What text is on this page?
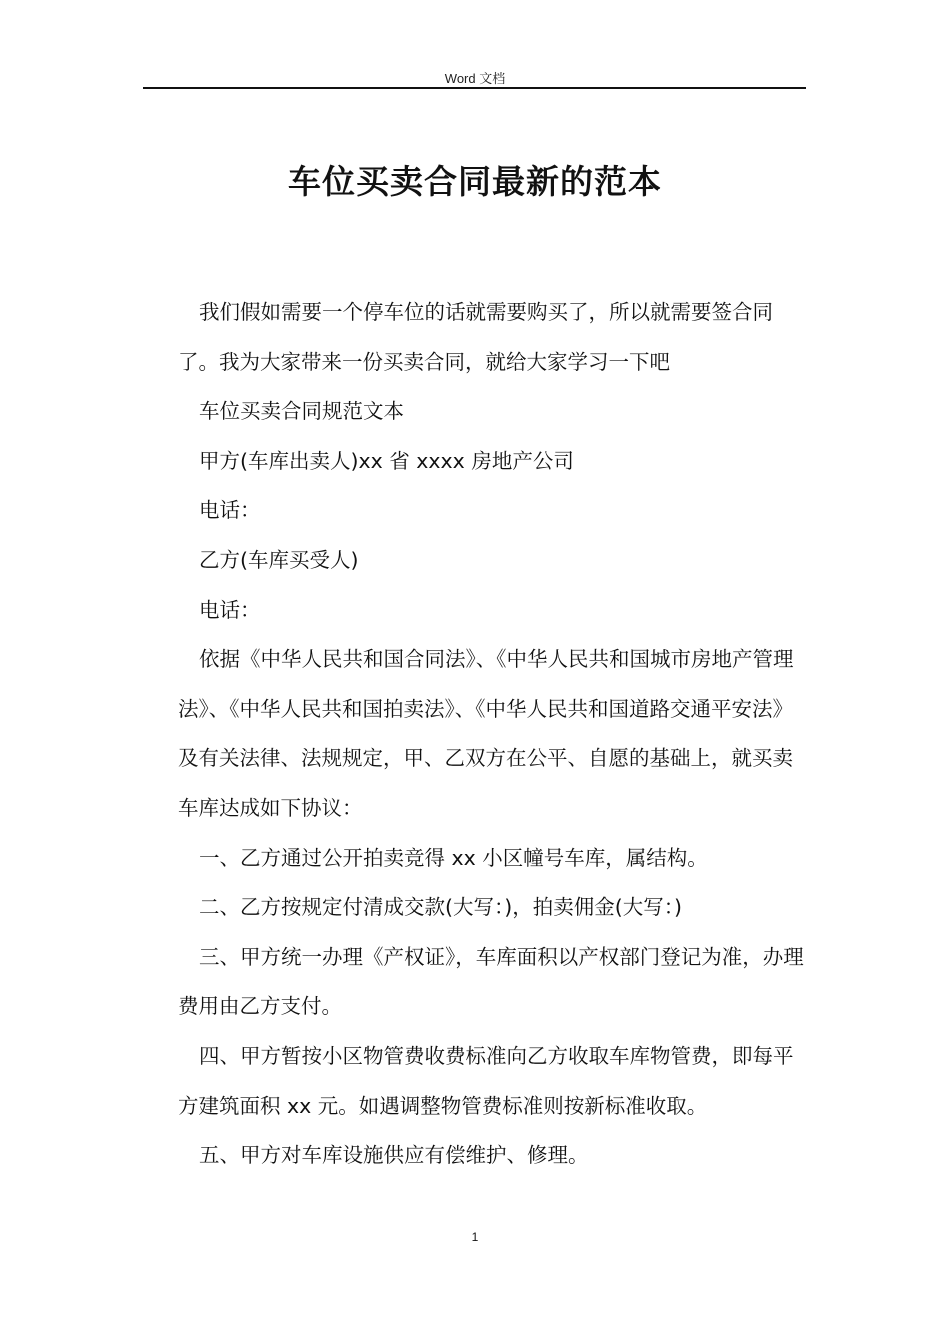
Word 文档
车位买卖合同最新的范本

我们假如需要一个停车位的话就需要购买了，所以就需要签合同了。我为大家带来一份买卖合同，就给大家学习一下吧

车位买卖合同规范文本

甲方(车库出卖人)xx 省 xxxx 房地产公司

电话：

乙方(车库买受人)

电话：

依据《中华人民共和国合同法》、《中华人民共和国城市房地产管理法》、《中华人民共和国拍卖法》、《中华人民共和国道路交通平安法》及有关法律、法规规定，甲、乙双方在公平、自愿的基础上，就买卖车库达成如下协议：

一、乙方通过公开拍卖竞得 xx 小区幢号车库，属结构。

二、乙方按规定付清成交款(大写：)，拍卖佣金(大写：)

三、甲方统一办理《产权证》，车库面积以产权部门登记为准，办理费用由乙方支付。

四、甲方暂按小区物管费收费标准向乙方收取车库物管费，即每平方建筑面积 xx 元。如遇调整物管费标准则按新标准收取。

五、甲方对车库设施供应有偿维护、修理。

1
